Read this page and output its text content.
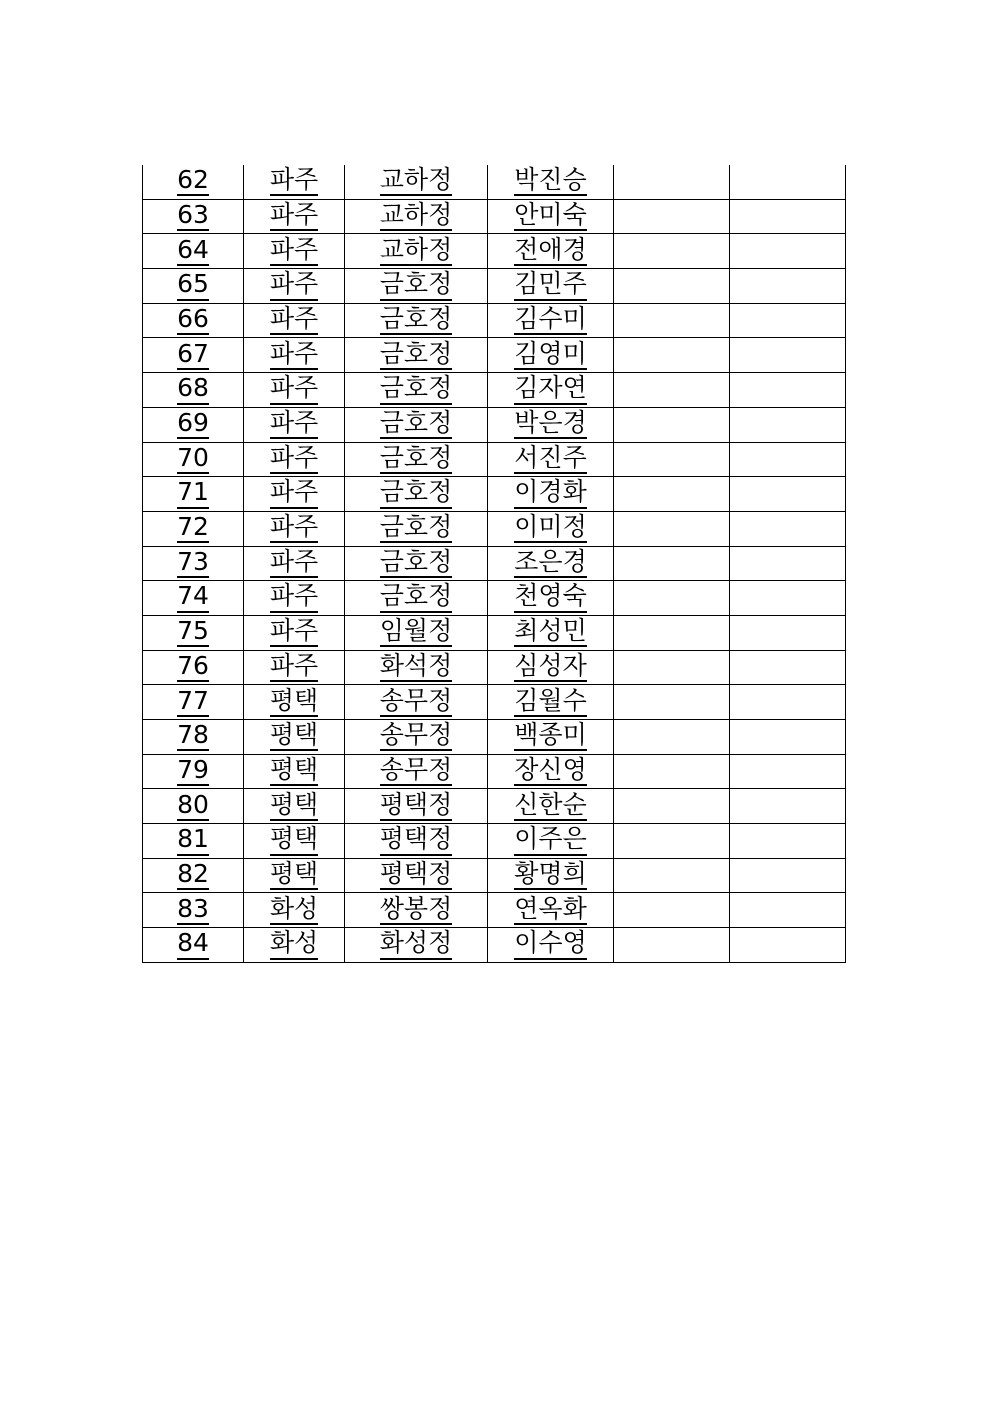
62	파주	교하정	박진승		
63	파주	교하정	안미숙		
64	파주	교하정	전애경		
65	파주	금호정	김민주		
66	파주	금호정	김수미		
67	파주	금호정	김영미		
68	파주	금호정	김자연		
69	파주	금호정	박은경		
70	파주	금호정	서진주		
71	파주	금호정	이경화		
72	파주	금호정	이미정		
73	파주	금호정	조은경		
74	파주	금호정	천영숙		
75	파주	임월정	최성민		
76	파주	화석정	심성자		
77	평택	송무정	김월수		
78	평택	송무정	백종미		
79	평택	송무정	장신영		
80	평택	평택정	신한순		
81	평택	평택정	이주은		
82	평택	평택정	황명희		
83	화성	쌍봉정	연옥화		
84	화성	화성정	이수영		
